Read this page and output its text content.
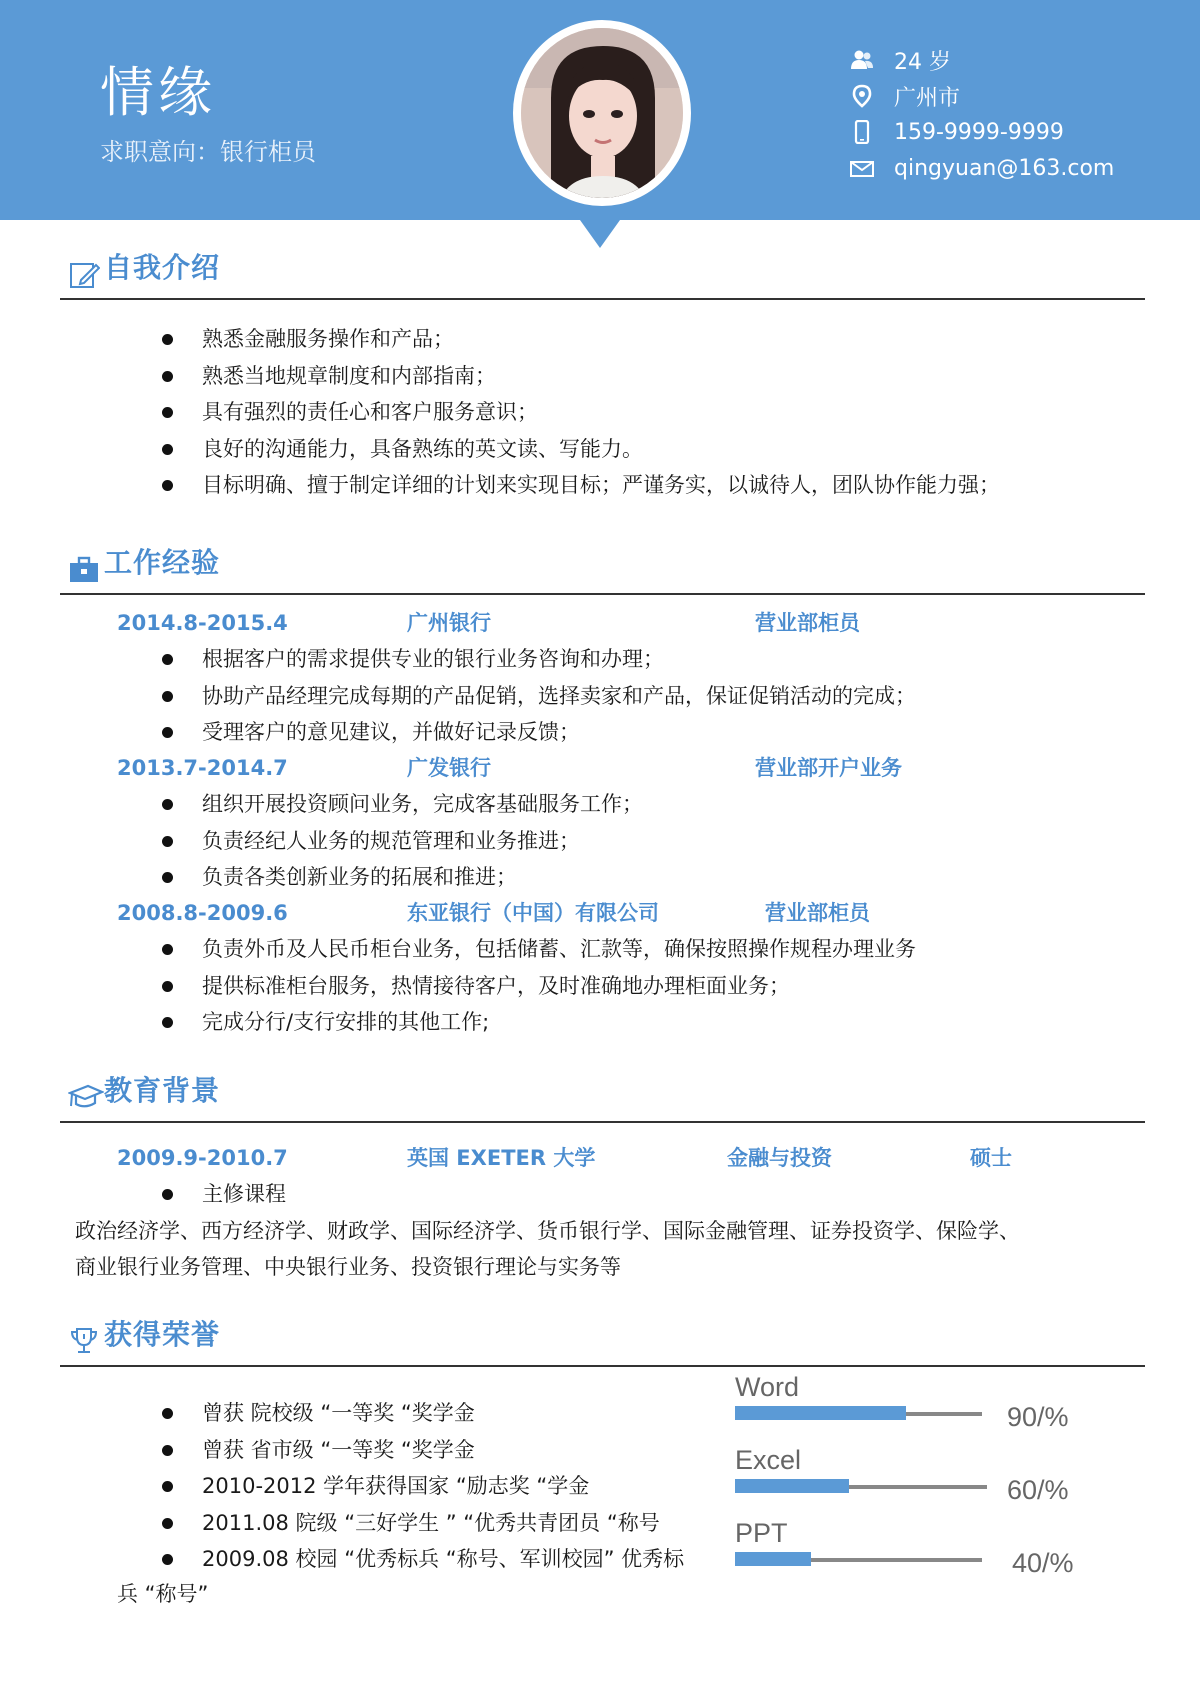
情缘
求职意向：银行柜员
24 岁
广州市
159-9999-9999
qingyuan@163.com
自我介绍
熟悉金融服务操作和产品；
熟悉当地规章制度和内部指南；
具有强烈的责任心和客户服务意识；
良好的沟通能力，具备熟练的英文读、写能力。
目标明确、擅于制定详细的计划来实现目标；严谨务实，以诚待人，团队协作能力强；
工作经验
2014.8-2015.4	广州银行	营业部柜员
根据客户的需求提供专业的银行业务咨询和办理；
协助产品经理完成每期的产品促销，选择卖家和产品，保证促销活动的完成；
受理客户的意见建议，并做好记录反馈；
2013.7-2014.7	广发银行	营业部开户业务
组织开展投资顾问业务，完成客基础服务工作；
负责经纪人业务的规范管理和业务推进；
负责各类创新业务的拓展和推进；
2008.8-2009.6	东亚银行（中国）有限公司	营业部柜员
负责外币及人民币柜台业务，包括储蓄、汇款等，确保按照操作规程办理业务
提供标准柜台服务，热情接待客户，及时准确地办理柜面业务；
完成分行/支行安排的其他工作;
教育背景
2009.9-2010.7	英国 EXETER 大学	金融与投资	硕士
主修课程
政治经济学、西方经济学、财政学、国际经济学、货币银行学、国际金融管理、证券投资学、保险学、
商业银行业务管理、中央银行业务、投资银行理论与实务等
获得荣誉
曾获 院校级 “一等奖 “奖学金
曾获 省市级 “一等奖 “奖学金
2010-2012 学年获得国家 “励志奖 “学金
2011.08 院级 “三好学生 ” “优秀共青团员 “称号
2009.08 校园 “优秀标兵 “称号、军训校园” 优秀标
兵 “称号”
Word
90/%
Excel
60/%
PPT
40/%
